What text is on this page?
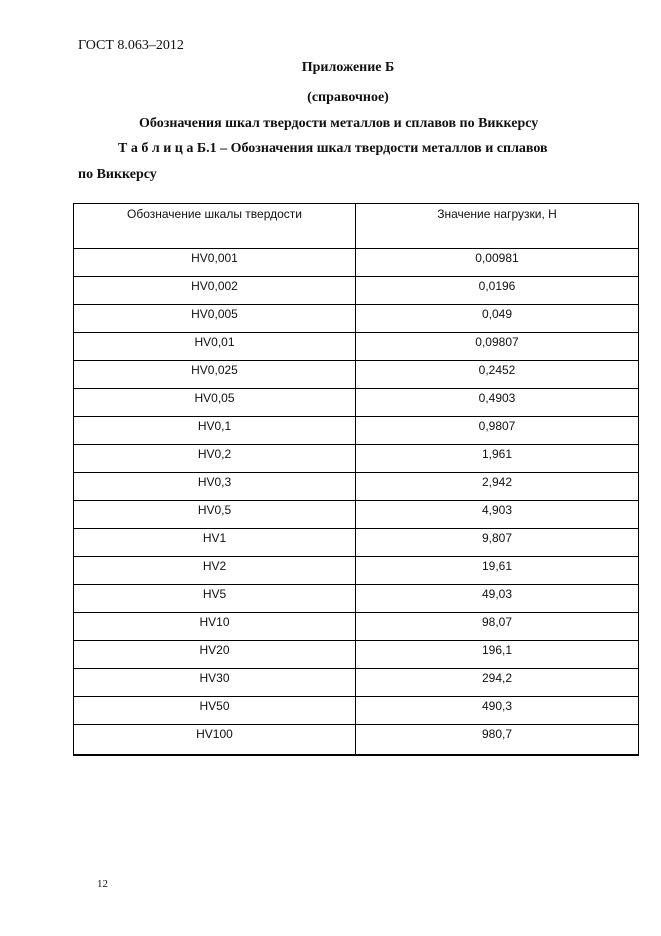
ГОСТ 8.063–2012
Приложение Б
(справочное)
Обозначения шкал твердости металлов и сплавов по Виккерсу
Т а б л и ц а Б.1 – Обозначения шкал твердости металлов и сплавов
по Виккерсу
Обозначение шкалы твердости	Значение нагрузки, Н
HV0,001	0,00981
HV0,002	0,0196
HV0,005	0,049
HV0,01	0,09807
HV0,025	0,2452
HV0,05	0,4903
HV0,1	0,9807
HV0,2	1,961
HV0,3	2,942
HV0,5	4,903
HV1	9,807
HV2	19,61
HV5	49,03
HV10	98,07
HV20	196,1
HV30	294,2
HV50	490,3
HV100	980,7
12
